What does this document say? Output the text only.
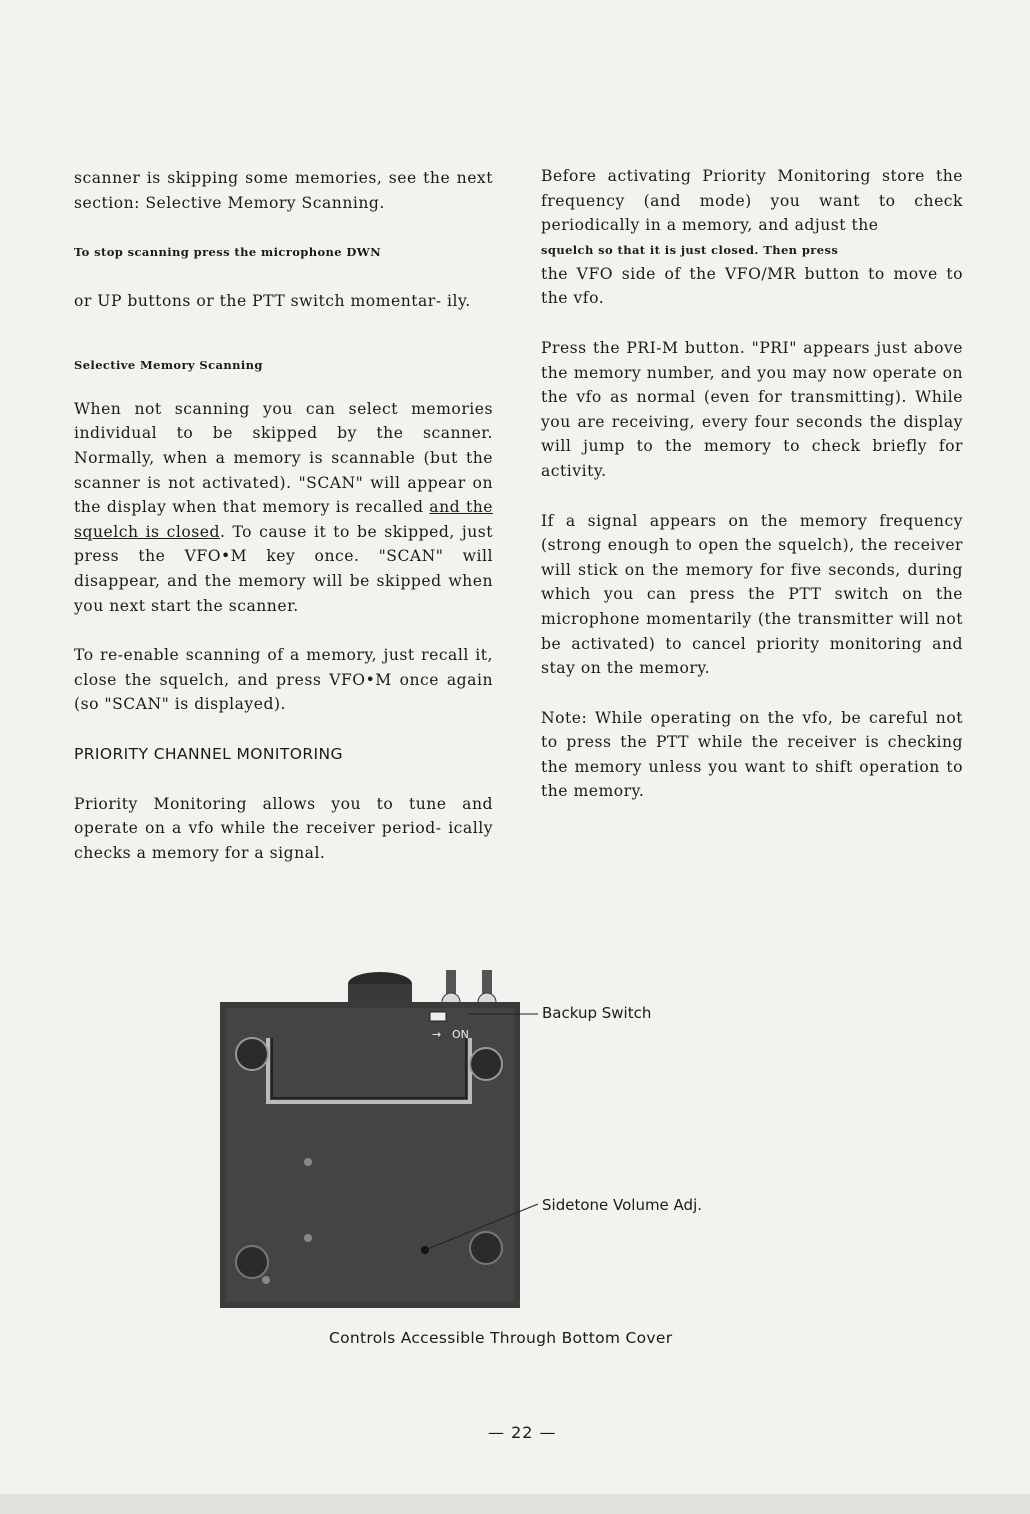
scanner is skipping some memories, see the next section: Selective Memory Scanning.

To stop scanning press the microphone DWN

or UP buttons or the PTT switch momentar- ily.

Selective Memory Scanning

When not scanning you can select memories individual to be skipped by the scanner. Normally, when a memory is scannable (but the scanner is not activated). "SCAN" will appear on the display when that memory is recalled and the squelch is closed. To cause it to be skipped, just press the VFO•M key once. "SCAN" will disappear, and the memory will be skipped when you next start the scanner.

To re-enable scanning of a memory, just recall it, close the squelch, and press VFO•M once again (so "SCAN" is displayed).

PRIORITY CHANNEL MONITORING

Priority Monitoring allows you to tune and operate on a vfo while the receiver period- ically checks a memory for a signal.

Before activating Priority Monitoring store the frequency (and mode) you want to check periodically in a memory, and adjust the

squelch so that it is just closed. Then press

the VFO side of the VFO/MR button to move to the vfo.

Press the PRI-M button. "PRI" appears just above the memory number, and you may now operate on the vfo as normal (even for transmitting). While you are receiving, every four seconds the display will jump to the memory to check briefly for activity.

If a signal appears on the memory frequency (strong enough to open the squelch), the receiver will stick on the memory for five seconds, during which you can press the PTT switch on the microphone momentarily (the transmitter will not be activated) to cancel priority monitoring and stay on the memory.

Note: While operating on the vfo, be careful not to press the PTT while the receiver is checking the memory unless you want to shift operation to the memory.

→ ON
Backup Switch
Sidetone Volume Adj.
Controls Accessible Through Bottom Cover
— 22 —
